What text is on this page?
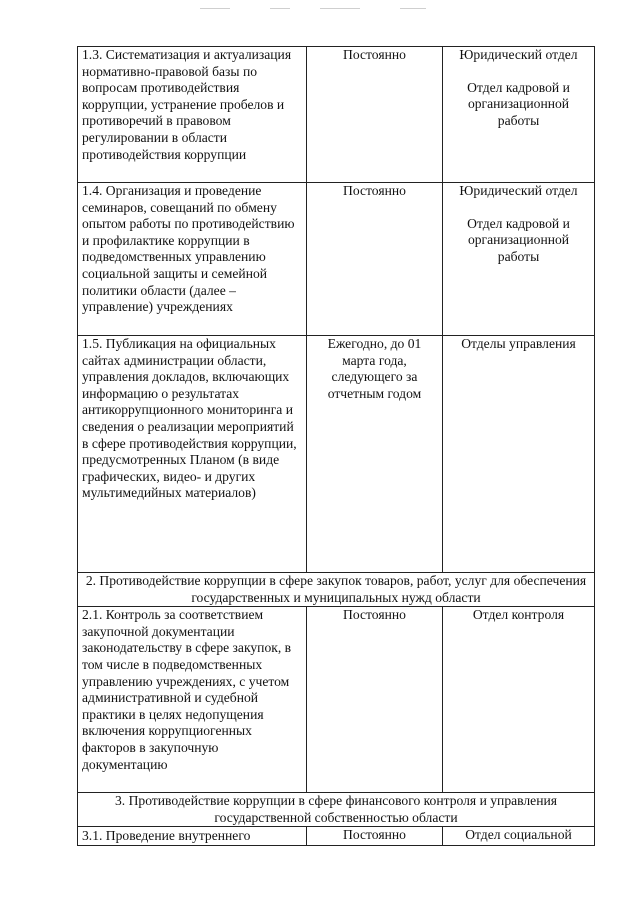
1.3. Систематизация и актуализация нормативно-правовой базы по вопросам противодействия коррупции, устранение пробелов и противоречий в правовом регулировании в области противодействия коррупции	Постоянно	Юридический отдел
Отдел кадровой и организационной работы

1.4. Организация и проведение семинаров, совещаний по обмену опытом работы по противодействию и профилактике коррупции в подведомственных управлению социальной защиты и семейной политики области (далее – управление) учреждениях	Постоянно	Юридический отдел
Отдел кадровой и организационной работы

1.5. Публикация на официальных сайтах администрации области, управления докладов, включающих информацию о результатах антикоррупционного мониторинга и сведения о реализации мероприятий в сфере противодействия коррупции, предусмотренных Планом (в виде графических, видео- и других мультимедийных материалов)	Ежегодно, до 01 марта года, следующего за отчетным годом	Отделы управления

2. Противодействие коррупции в сфере закупок товаров, работ, услуг для обеспечения государственных и муниципальных нужд области		
2.1. Контроль за соответствием закупочной документации законодательству в сфере закупок, в том числе в подведомственных управлению учреждениях, с учетом административной и судебной практики в целях недопущения включения коррупциогенных факторов в закупочную документацию	Постоянно	Отдел контроля

3. Противодействие коррупции в сфере финансового контроля и управления государственной собственностью области		
3.1. Проведение внутреннего	Постоянно	Отдел социальной
